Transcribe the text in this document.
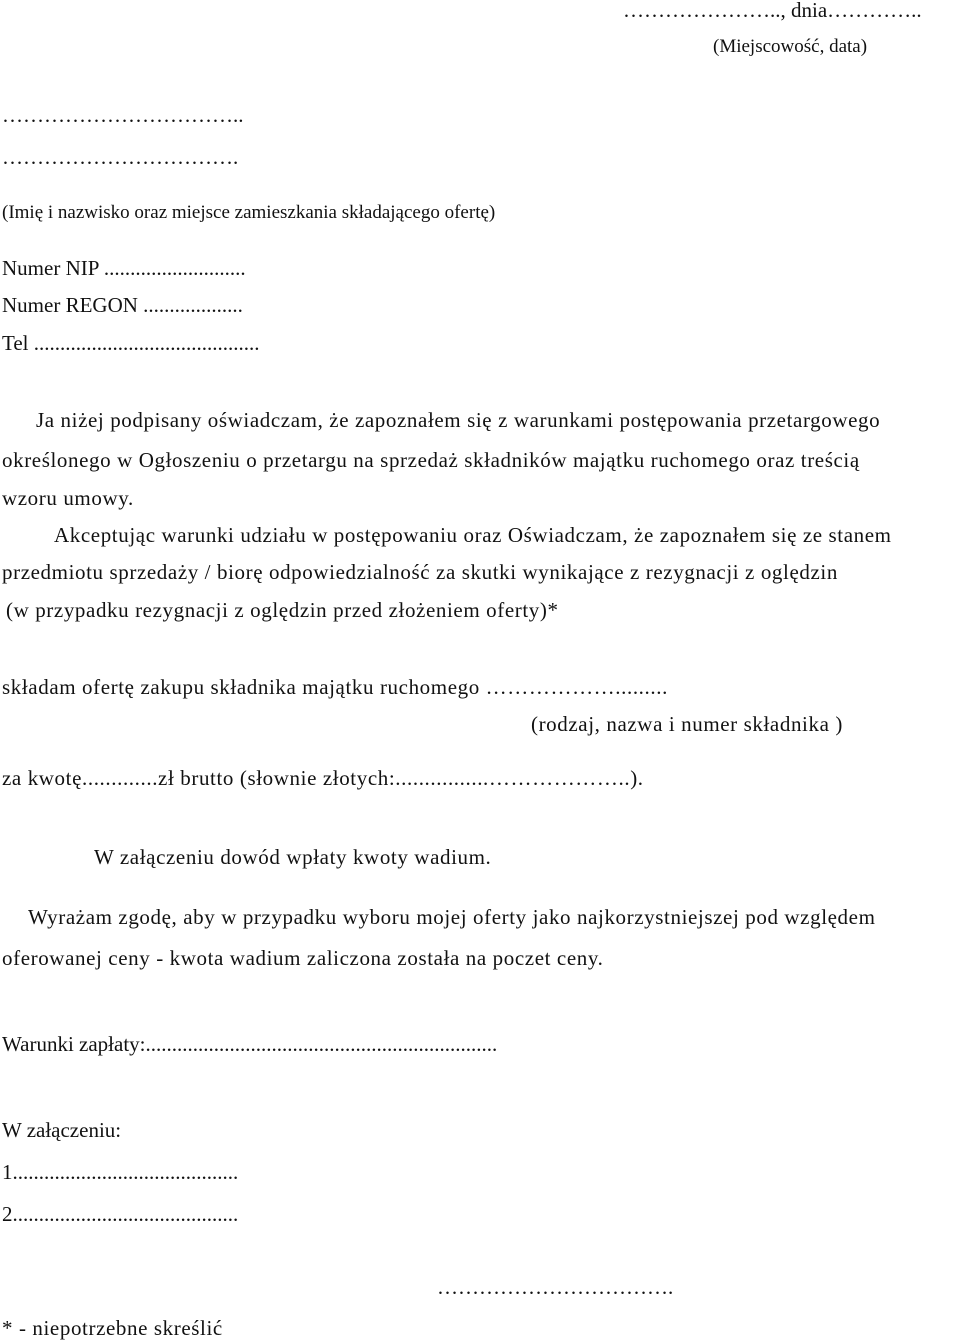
………………….., dnia…………..
(Miejscowość, data)
……………………………..
…………………………….
(Imię i nazwisko oraz miejsce zamieszkania składającego ofertę)
Numer NIP ...........................
Numer REGON ...................
Tel ...........................................
Ja niżej podpisany oświadczam, że zapoznałem się z warunkami postępowania przetargowego
określonego w Ogłoszeniu o przetargu na sprzedaż składników majątku ruchomego oraz treścią
wzoru umowy.
Akceptując warunki udziału w postępowaniu oraz Oświadczam, że zapoznałem się ze stanem
przedmiotu sprzedaży / biorę odpowiedzialność za skutki wynikające z rezygnacji z oględzin
(w przypadku rezygnacji z oględzin przed złożeniem oferty)*
składam ofertę zakupu składnika majątku ruchomego ……………….........
(rodzaj, nazwa i numer składnika )
za kwotę.............zł brutto (słownie złotych:................………………..).
W załączeniu dowód wpłaty kwoty wadium.
Wyrażam zgodę, aby w przypadku wyboru mojej oferty jako najkorzystniejszej pod względem
oferowanej ceny - kwota wadium zaliczona została na poczet ceny.
Warunki zapłaty:...................................................................
W załączeniu:
1...........................................
2...........................................
…………………………….
* - niepotrzebne skreślić
